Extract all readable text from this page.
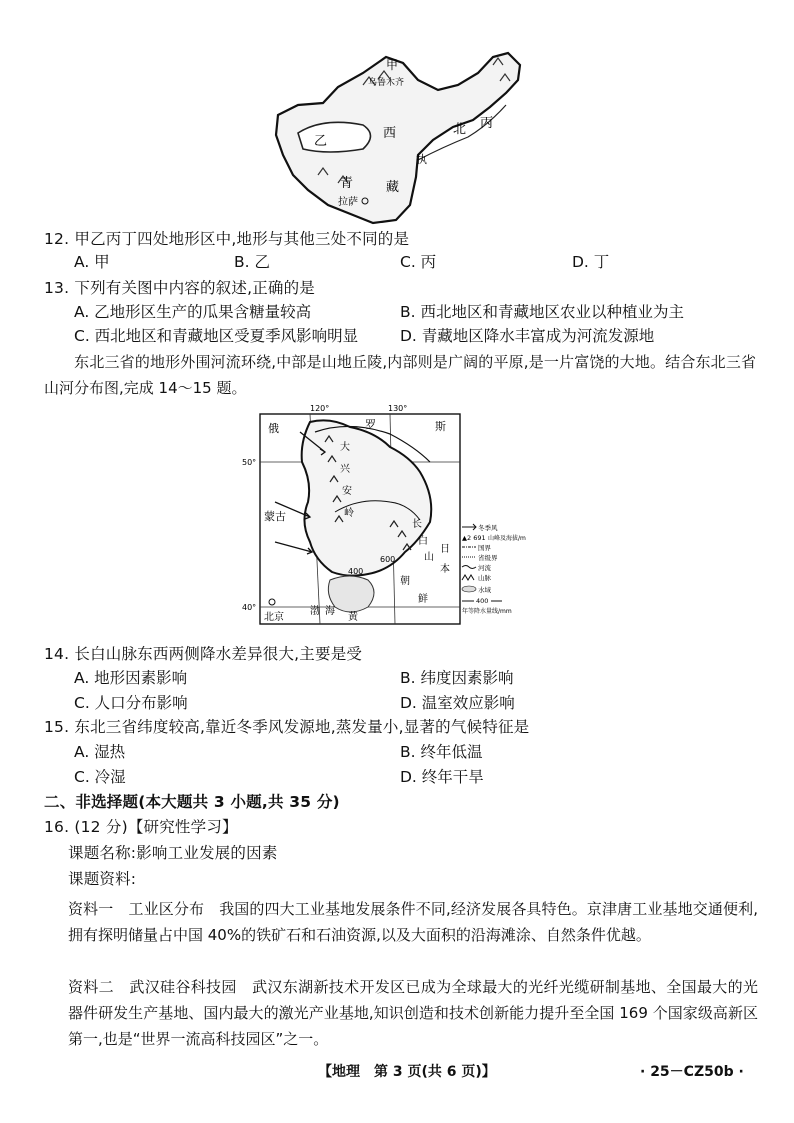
甲
乌鲁木齐
乙
西	北 丙
执
青	藏
拉萨
12. 甲乙丙丁四处地形区中,地形与其他三处不同的是
A. 甲	B. 乙	C. 丙	D. 丁
13. 下列有关图中内容的叙述,正确的是
A. 乙地形区生产的瓜果含糖量较高	B. 西北地区和青藏地区农业以种植业为主
C. 西北地区和青藏地区受夏季风影响明显	D. 青藏地区降水丰富成为河流发源地
东北三省的地形外围河流环绕,中部是山地丘陵,内部则是广阔的平原,是一片富饶的大地。结合东北三省山河分布图,完成 14～15 题。
120°	130°
50°
40°
俄	罗	斯
蒙古
北京
大
兴
安
岭
长
白
山
日
本
朝
鲜
渤 海
黄
400
600
冬季风
▲2 691 山峰及海拔/m
国界
省级界
河流
山脉
水域
400
年等降水量线/mm
14. 长白山脉东西两侧降水差异很大,主要是受
A. 地形因素影响	B. 纬度因素影响
C. 人口分布影响	D. 温室效应影响
15. 东北三省纬度较高,靠近冬季风发源地,蒸发量小,显著的气候特征是
A. 湿热	B. 终年低温
C. 冷湿	D. 终年干旱
二、非选择题(本大题共 3 小题,共 35 分)
16. (12 分)【研究性学习】
课题名称:影响工业发展的因素
课题资料:
资料一　工业区分布　 我国的四大工业基地发展条件不同,经济发展各具特色。京津唐工业基地交通便利,拥有探明储量占中国 40%的铁矿石和石油资源,以及大面积的沿海滩涂、自然条件优越。
资料二　武汉硅谷科技园　 武汉东湖新技术开发区已成为全球最大的光纤光缆研制基地、全国最大的光器件研发生产基地、国内最大的激光产业基地,知识创造和技术创新能力提升至全国 169 个国家级高新区第一,也是“世界一流高科技园区”之一。
【地理　第 3 页(共 6 页)】	· 25－CZ50b ·
